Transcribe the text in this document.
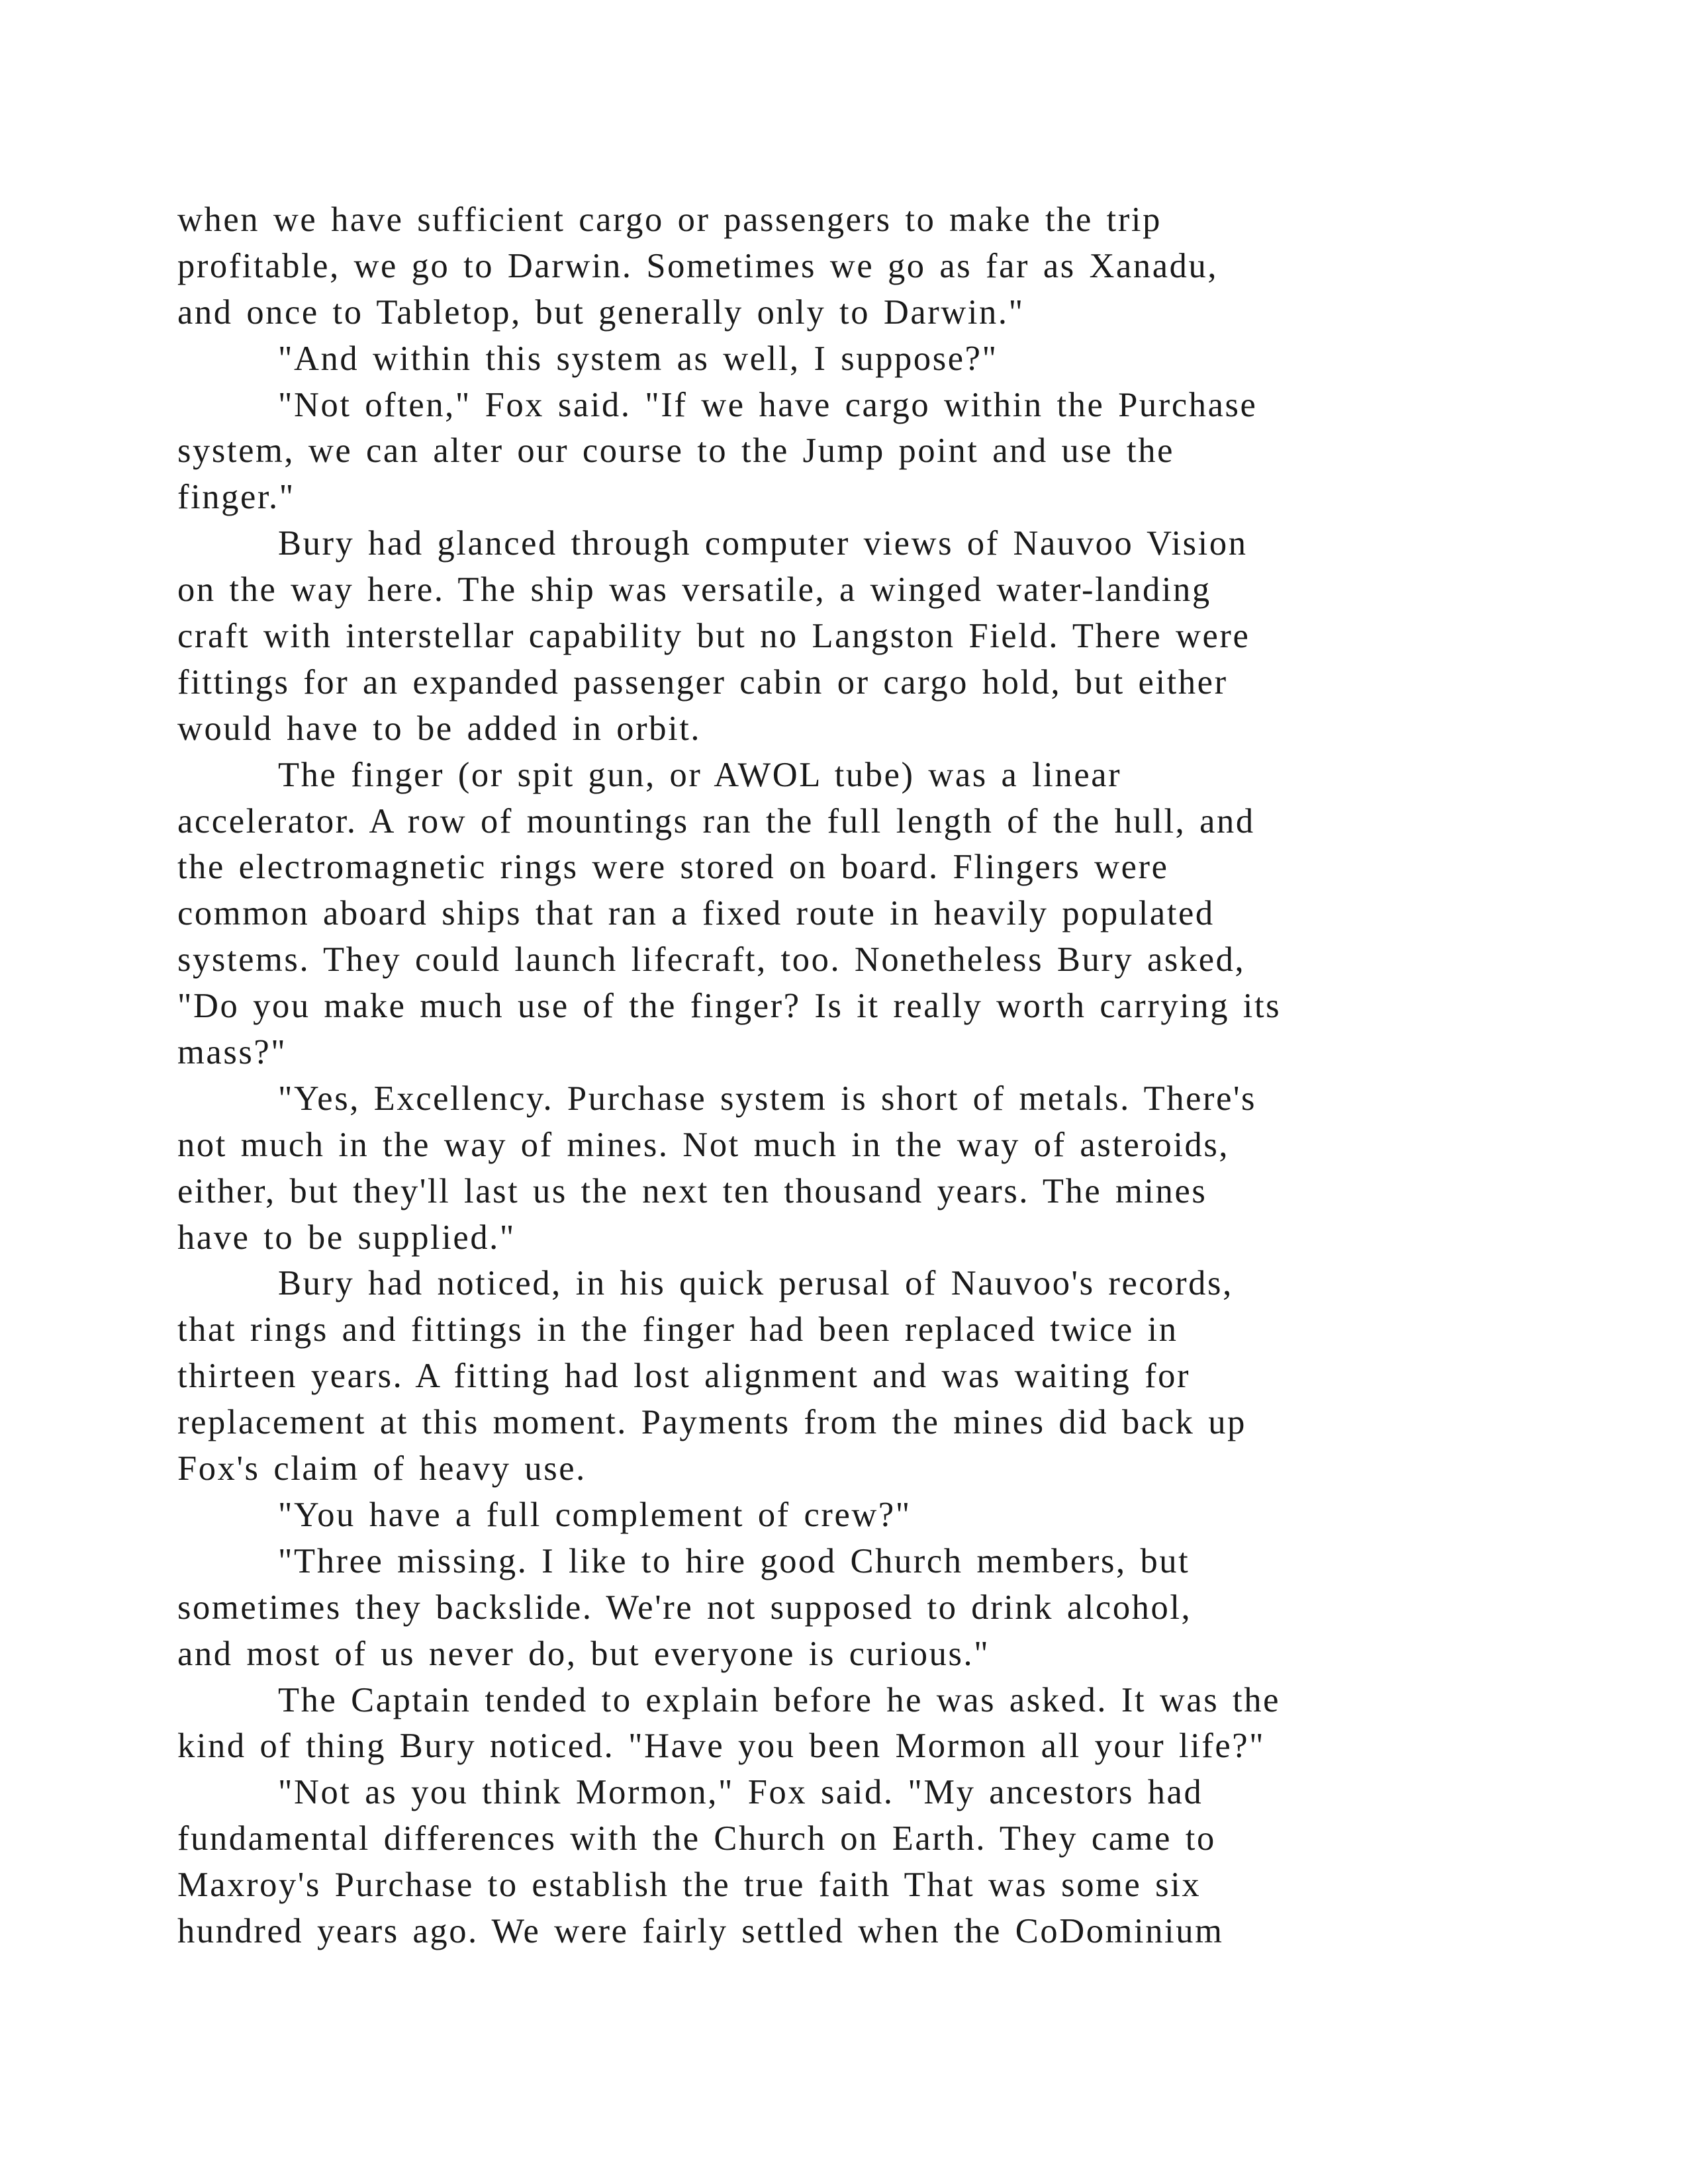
when we have sufficient cargo or passengers to make the trip
profitable, we go to Darwin. Sometimes we go as far as Xanadu,
and once to Tabletop, but generally only to Darwin."
"And within this system as well, I suppose?"
"Not often," Fox said. "If we have cargo within the Purchase
system, we can alter our course to the Jump point and use the
finger."
Bury had glanced through computer views of Nauvoo Vision
on the way here. The ship was versatile, a winged water-landing
craft with interstellar capability but no Langston Field. There were
fittings for an expanded passenger cabin or cargo hold, but either
would have to be added in orbit.
The finger (or spit gun, or AWOL tube) was a linear
accelerator. A row of mountings ran the full length of the hull, and
the electromagnetic rings were stored on board. Flingers were
common aboard ships that ran a fixed route in heavily populated
systems. They could launch lifecraft, too. Nonetheless Bury asked,
"Do you make much use of the finger? Is it really worth carrying its
mass?"
"Yes, Excellency. Purchase system is short of metals. There's
not much in the way of mines. Not much in the way of asteroids,
either, but they'll last us the next ten thousand years. The mines
have to be supplied."
Bury had noticed, in his quick perusal of Nauvoo's records,
that rings and fittings in the finger had been replaced twice in
thirteen years. A fitting had lost alignment and was waiting for
replacement at this moment. Payments from the mines did back up
Fox's claim of heavy use.
"You have a full complement of crew?"
"Three missing. I like to hire good Church members, but
sometimes they backslide. We're not supposed to drink alcohol,
and most of us never do, but everyone is curious."
The Captain tended to explain before he was asked. It was the
kind of thing Bury noticed. "Have you been Mormon all your life?"
"Not as you think Mormon," Fox said. "My ancestors had
fundamental differences with the Church on Earth. They came to
Maxroy's Purchase to establish the true faith That was some six
hundred years ago. We were fairly settled when the CoDominium
